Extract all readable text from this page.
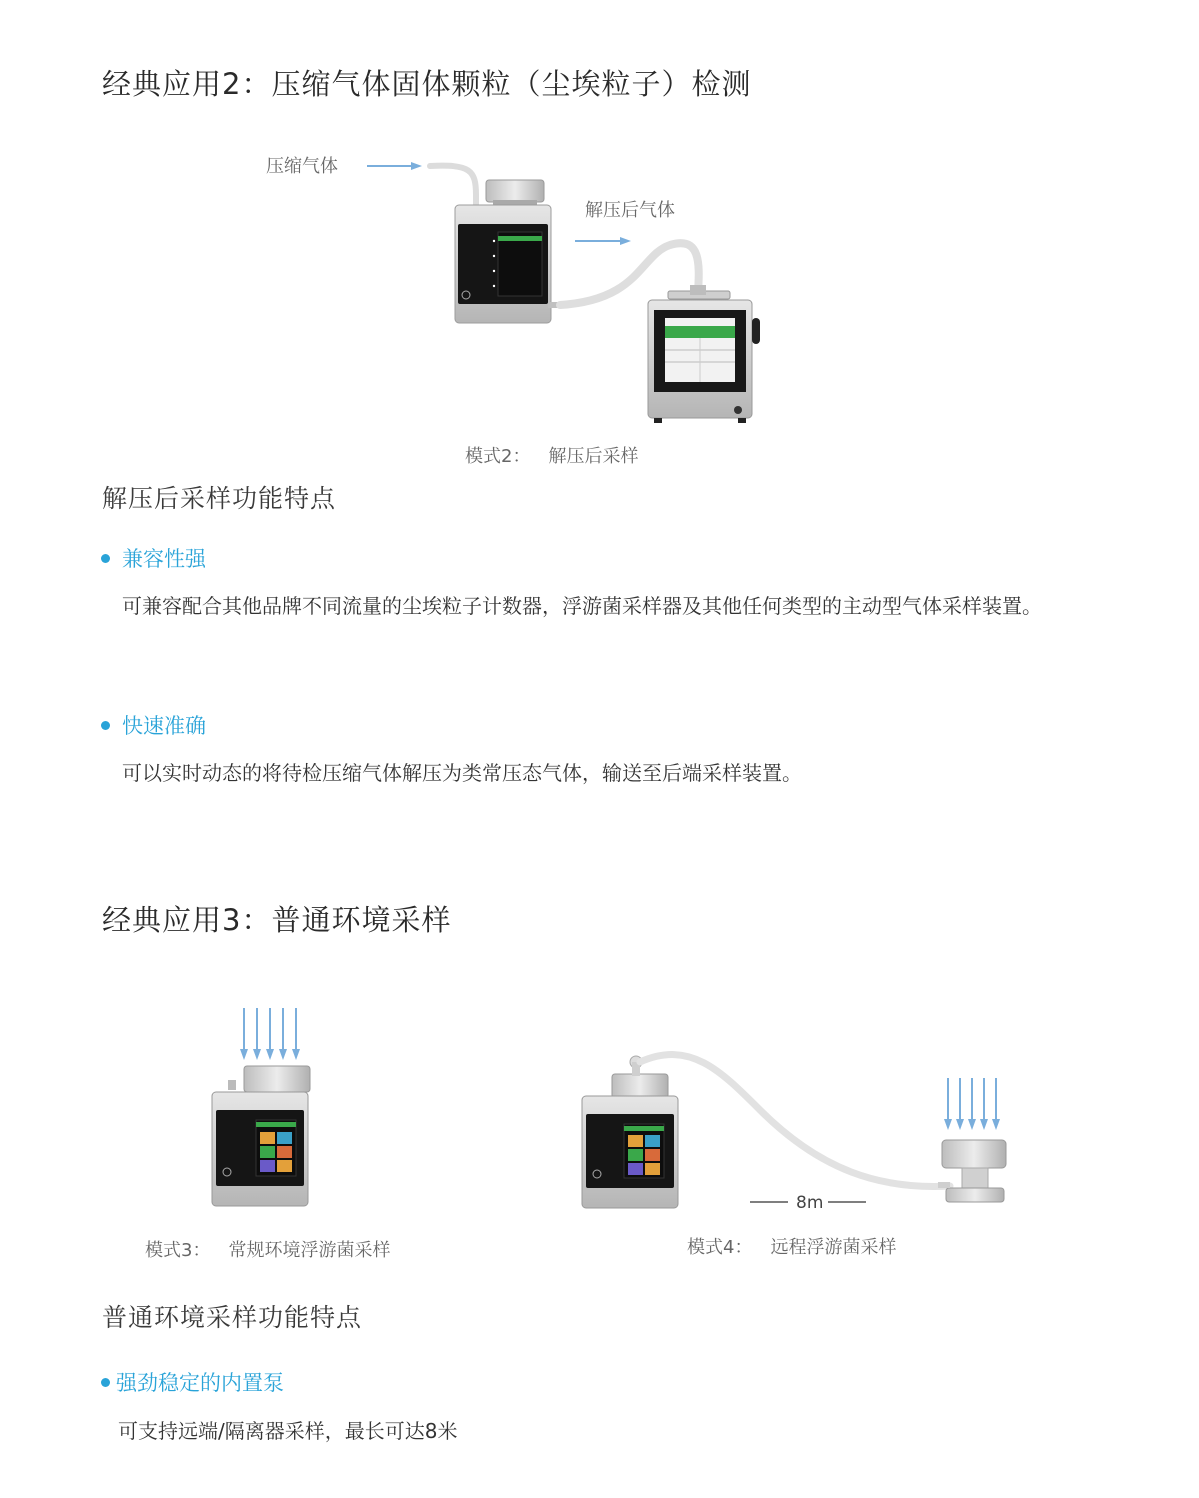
经典应用2：压缩气体固体颗粒（尘埃粒子）检测
压缩气体
解压后气体
模式2： 解压后采样
解压后采样功能特点
兼容性强
可兼容配合其他品牌不同流量的尘埃粒子计数器，浮游菌采样器及其他任何类型的主动型气体采样装置。
快速准确
可以实时动态的将待检压缩气体解压为类常压态气体，输送至后端采样装置。
经典应用3：普通环境采样
8m
模式3： 常规环境浮游菌采样	模式4： 远程浮游菌采样
普通环境采样功能特点
强劲稳定的内置泵
可支持远端/隔离器采样，最长可达8米
